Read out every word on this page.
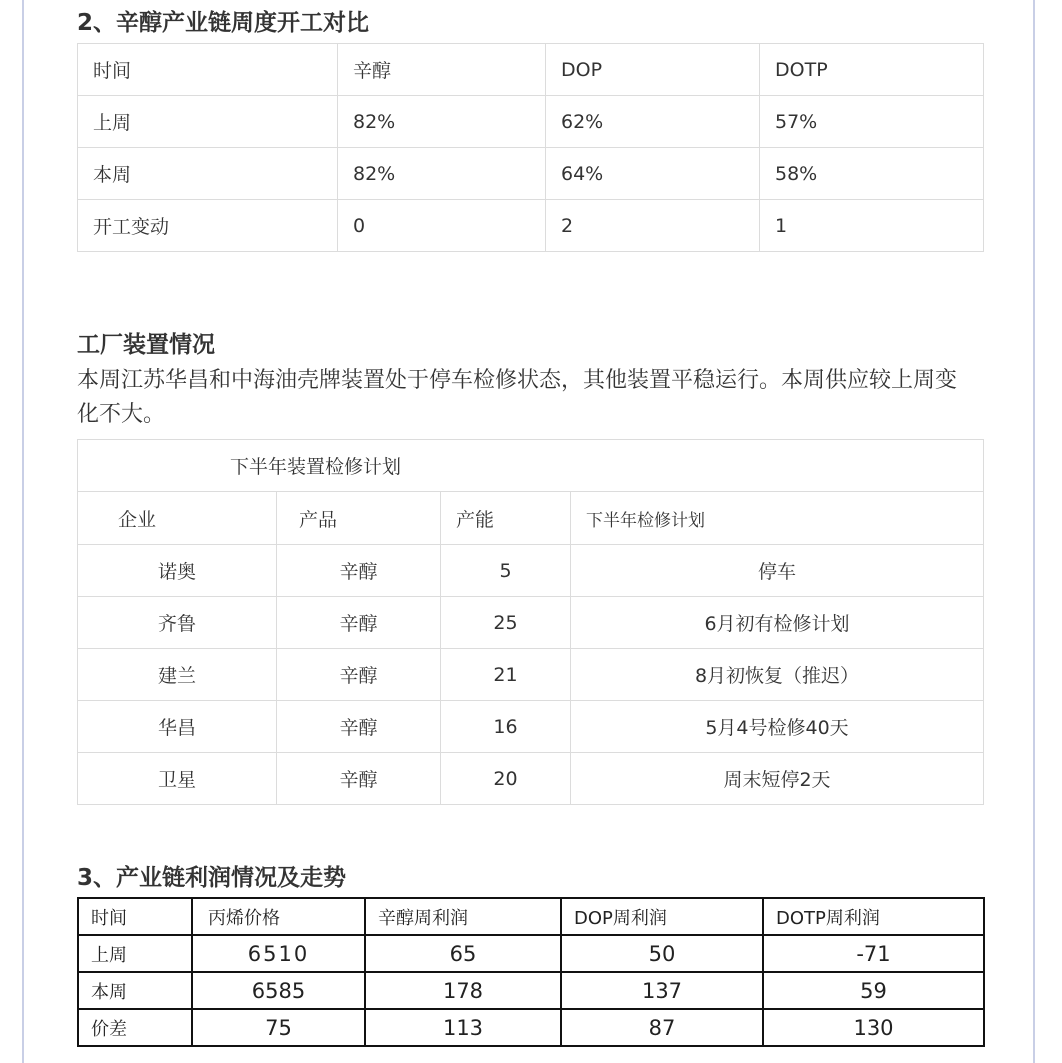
2、辛醇产业链周度开工对比
时间	辛醇	DOP	DOTP
上周	82%	62%	57%
本周	82%	64%	58%
开工变动	0	2	1
工厂装置情况

本周江苏华昌和中海油壳牌装置处于停车检修状态，其他装置平稳运行。本周供应较上周变化不大。

下半年装置检修计划			
企业	产品	产能	下半年检修计划
诺奥	辛醇	5	停车
齐鲁	辛醇	25	6月初有检修计划
建兰	辛醇	21	8月初恢复（推迟）
华昌	辛醇	16	5月4号检修40天
卫星	辛醇	20	周末短停2天
3、产业链利润情况及走势
时间	丙烯价格	辛醇周利润	DOP周利润	DOTP周利润
上周	6510	65	50	-71
本周	6585	178	137	59
价差	75	113	87	130
